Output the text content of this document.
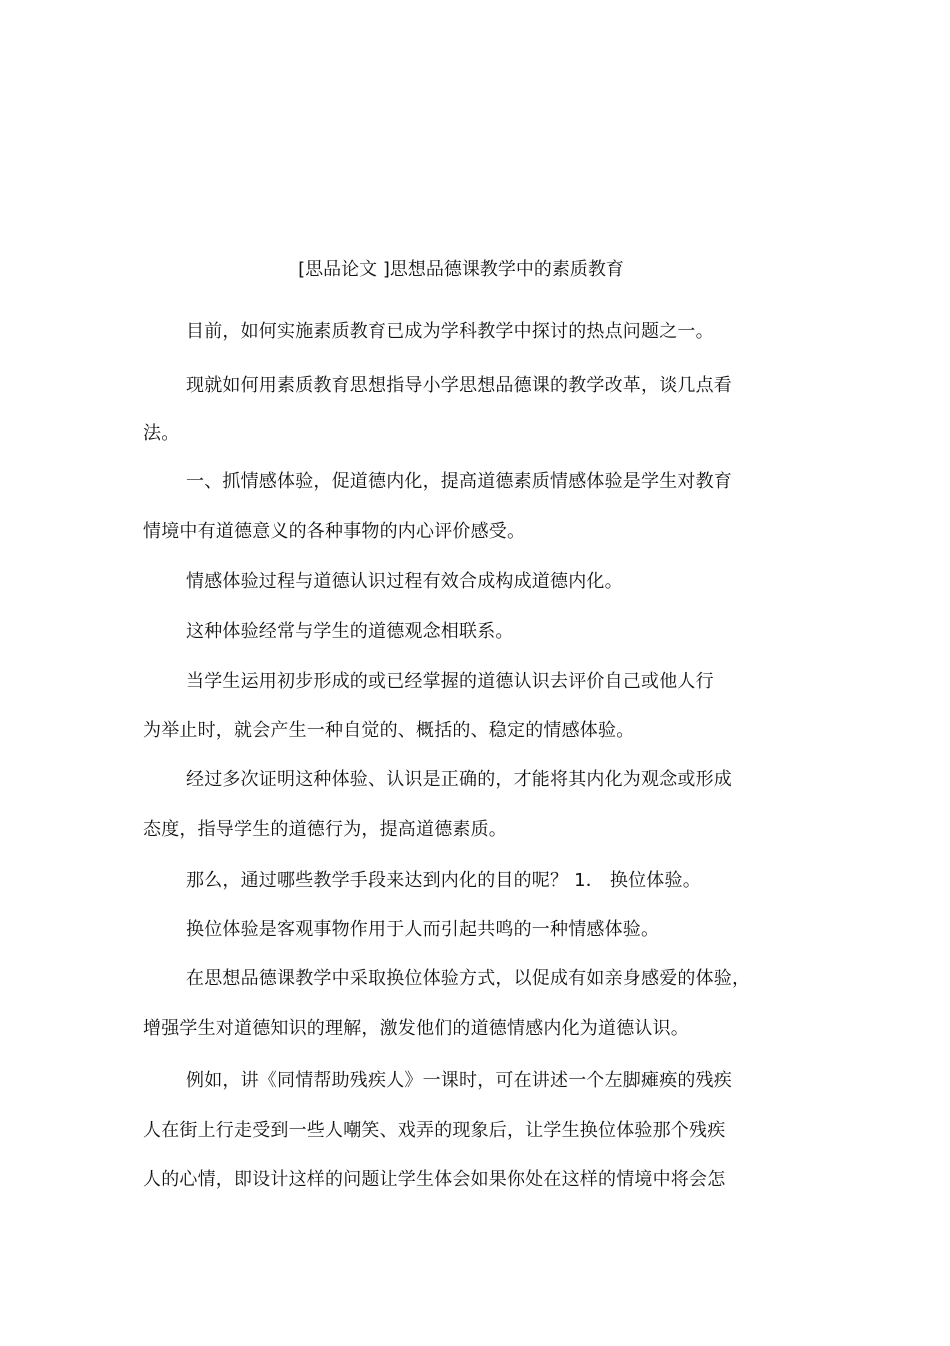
[思品论文 ]思想品德课教学中的素质教育
目前，如何实施素质教育已成为学科教学中探讨的热点问题之一。
现就如何用素质教育思想指导小学思想品德课的教学改革，谈几点看
法。
一、抓情感体验，促道德内化，提高道德素质情感体验是学生对教育
情境中有道德意义的各种事物的内心评价感受。
情感体验过程与道德认识过程有效合成构成道德内化。
这种体验经常与学生的道德观念相联系。
当学生运用初步形成的或已经掌握的道德认识去评价自己或他人行
为举止时，就会产生一种自觉的、概括的、稳定的情感体验。
经过多次证明这种体验、认识是正确的，才能将其内化为观念或形成
态度，指导学生的道德行为，提高道德素质。
那么，通过哪些教学手段来达到内化的目的呢？ 1． 换位体验。
换位体验是客观事物作用于人而引起共鸣的一种情感体验。
在思想品德课教学中采取换位体验方式，以促成有如亲身感爱的体验，
增强学生对道德知识的理解，激发他们的道德情感内化为道德认识。
例如，讲《同情帮助残疾人》一课时，可在讲述一个左脚瘫痪的残疾
人在街上行走受到一些人嘲笑、戏弄的现象后，让学生换位体验那个残疾
人的心情，即设计这样的问题让学生体会如果你处在这样的情境中将会怎
